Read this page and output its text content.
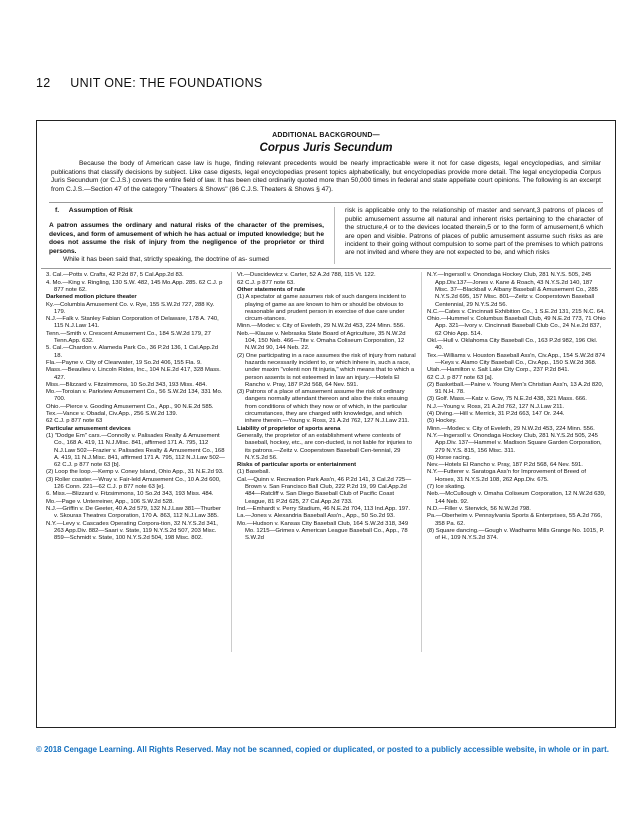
12 UNIT ONE: THE FOUNDATIONS
ADDITIONAL BACKGROUND—
Corpus Juris Secundum

Because the body of American case law is huge, finding relevant precedents would be nearly impracticable were it not for case digests, legal encyclopedias, and similar publications that classify decisions by subject. Like case digests, legal encyclopedias present topics alphabetically, but encyclopedias provide more detail. The legal encyclopedia Corpus Juris Secundum (or C.J.S.) covers the entire field of law. It has been cited ordinarily quoted more than 50,000 times in federal and state appellate court opinions. The following is an excerpt from C.J.S.—Section 47 of the category "Theaters & Shows" (86 C.J.S. Theaters & Shows § 47).

f. Assumption of Risk

A patron assumes the ordinary and natural risks of the character of the premises, devices, and form of amusement of which he has actual or imputed knowledge; but he does not assume the risk of injury from the negligence of the proprietor or third persons.

While it has been said that, strictly speaking, the doctrine of as- sumed

risk is applicable only to the relationship of master and servant,3 patrons of places of public amusement assume all natural and inherent risks pertaining to the character of the structure,4 or to the devices located therein,5 or to the form of amusement,6 which are open and visible. Patrons of places of public amusement assume such risks as are incident to their going without compulsion to some part of the premises to which patrons are not invited and where they are not expected to be, and which risks

3. Cal.—Potts v. Crafts, 42 P.2d 87, 5 Cal.App.2d 83.

4. Mo.—King v. Ringling, 130 S.W. 482, 145 Mo.App. 285. 62 C.J. p 877 note 62.

Darkened motion picture theater

Ky.—Columbia Amusement Co. v. Rye, 155 S.W.2d 727, 288 Ky. 179.

N.J.—Falk v. Stanley Fabian Corporation of Delaware, 178 A. 740, 115 N.J.Law 141.

Tenn.—Smith v. Crescent Amusement Co., 184 S.W.2d 179, 27 Tenn.App. 632.

5. Cal.—Chardon v. Alameda Park Co., 36 P.2d 136, 1 Cal.App.2d 18.

Fla.—Payne v. City of Clearwater, 19 So.2d 406, 155 Fla. 9.

Mass.—Beaulieu v. Lincoln Rides, Inc., 104 N.E.2d 417, 328 Mass. 427.

Miss.—Blizzard v. Fitzsimmons, 10 So.2d 343, 193 Miss. 484.

Mo.—Toroian v. Parkview Amusement Co., 56 S.W.2d 134, 331 Mo. 700.

Ohio.—Pierce v. Gooding Amusement Co., App., 90 N.E.2d 585.

Tex.—Vance v. Obadal, Civ.App., 256 S.W.2d 139.

62 C.J. p 877 note 63

Particular amusement devices

(1) "Dodge Em" cars.—Connolly v. Palisades Realty & Amusement Co., 168 A. 419, 11 N.J.Misc. 841, affirmed 171 A. 795, 112 N.J.Law 502—Frazier v. Palisades Realty & Amusement Co., 168 A. 419, 11 N.J.Misc. 841, affirmed 171 A. 795, 112 N.J.Law 502—62 C.J. p 877 note 63 [b].

(2) Loop the loop.—Kemp v. Coney Island, Ohio App., 31 N.E.2d 93.

(3) Roller coaster.—Wray v. Fair-leld Amusement Co., 10 A.2d 600, 126 Conn. 221—62 C.J. p 877 note 63 [e].

6. Miss.—Blizzard v. Fitzsimmons, 10 So.2d 343, 193 Miss. 484.

Mo.—Page v. Unterreiner, App., 106 S.W.2d 528.

N.J.—Griffin v. De Geeter, 40 A.2d 579, 132 N.J.Law 381—Thurber v. Skouras Theatres Corporation, 170 A. 863, 112 N.J.Law 385.

N.Y.—Levy v. Cascades Operating Corpora-tion, 32 N.Y.S.2d 341, 263 App.Div. 882—Saari v. State, 119 N.Y.S.2d 507, 203 Misc. 859—Schmidt v. State, 100 N.Y.S.2d 504, 198 Misc. 802.

Vt.—Duscidewicz v. Carter, 52 A.2d 788, 115 Vt. 122.

62 C.J. p 877 note 63.

Other statements of rule

(1) A spectator at game assumes risk of such dangers incident to playing of game as are known to him or should be obvious to reasonable and prudent person in exercise of due care under circum-stances.

Minn.—Modec v. City of Eveleth, 29 N.W.2d 453, 224 Minn. 556.

Neb.—Klause v. Nebraska State Board of Agriculture, 35 N.W.2d 104, 150 Neb. 466—Tite v. Omaha Coliseum Corporation, 12 N.W.2d 90, 144 Neb. 22.

(2) One participating in a race assumes the risk of injury from natural hazards necessarily incident to, or which inhere in, such a race, under maxim "volenti non fit injuria," which means that to which a person assents is not esteemed in law an injury.—Hotels El Rancho v. Pray, 187 P.2d 568, 64 Nev. 591.

(3) Patrons of a place of amusement assume the risk of ordinary dangers normally attendant thereon and also the risks ensuing from conditions of which they now or of which, in the particular circumstances, they are charged with knowledge, and which inhere therein.—Young v. Ross, 21 A.2d 762, 127 N.J.Law 211.

Liability of proprietor of sports arena

Generally, the proprietor of an establishment where contests of baseball, hockey, etc., are con-ducted, is not liable for injuries to its patrons.—Zeitz v. Cooperstown Baseball Cen-tennial, 29 N.Y.S.2d 56.

Risks of particular sports or entertainment

(1) Baseball.

Cal.—Quinn v. Recreation Park Ass'n, 46 P.2d 141, 3 Cal.2d 725—Brown v. San Francisco Ball Club, 222 P.2d 19, 99 Cal.App.2d 484—Ratcliff v. San Diego Baseball Club of Pacific Coast League, 81 P.2d 625, 27 Cal.App.2d 733.

Ind.—Emhardt v. Perry Stadium, 46 N.E.2d 704, 113 Ind.App. 197.

La.—Jones v. Alexandria Baseball Ass'n., App., 50 So.2d 93.

Mo.—Hudson v. Kansas City Baseball Club, 164 S.W.2d 318, 349 Mo. 1215—Grimes v. American League Baseball Co., App., 78 S.W.2d

N.Y.—Ingersoll v. Onondaga Hockey Club, 281 N.Y.S. 505, 245 App.Div.137—Jones v. Kane & Roach, 43 N.Y.S.2d 140, 187 Misc. 37—Blackball v. Albany Baseball & Amusement Co., 285 N.Y.S.2d 695, 157 Misc. 801—Zeitz v. Cooperstown Baseball Centennial, 29 N.Y.S.2d 56.

N.C.—Cates v. Cincinnati Exhibition Co., 1 S.E.2d 131, 215 N.C. 64.

Ohio.—Hummel v. Columbus Baseball Club, 49 N.E.2d 773, 71 Ohio App. 321—Ivory v. Cincinnati Baseball Club Co., 24 N.e.2d 837, 62 Ohio App. 514.

Okl.—Hull v. Oklahoma City Baseball Co., 163 P.2d 982, 196 Okl. 40.

Tex.—Williams v. Houston Baseball Ass'n, Civ.App., 154 S.W.2d 874—Keys v. Alamo City Baseball Co., Civ.App., 150 S.W.2d 368.

Utah.—Hamilton v. Salt Lake City Corp., 237 P.2d 841.

62 C.J. p 877 note 63 [a].

(2) Basketball.—Paine v. Young Men's Christian Ass'n, 13 A.2d 820, 91 N.H. 78.

(3) Golf. Mass.—Katz v. Gow, 75 N.E.2d 438, 321 Mass. 666.

N.J.—Young v. Ross, 21 A.2d 762, 127 N.J.Law 211.

(4) Diving.—Hill v. Merrick, 31 P.2d 663, 147 Or. 244.

(5) Hockey.

Minn.—Modec v. City of Eveleth, 29 N.W.2d 453, 224 Minn. 556.

N.Y.—Ingersoll v. Onondaga Hockey Club, 281 N.Y.S.2d 505, 245 App.Div. 137—Hammel v. Madison Square Garden Corporation, 279 N.Y.S. 815, 156 Misc. 311.

(6) Horse racing.

Nev.—Hotels El Rancho v. Pray, 187 P.2d 568, 64 Nev. 591.

N.Y.—Futterer v. Saratoga Ass'n for Improvement of Breed of Horses, 31 N.Y.S.2d 108, 262 App.Div. 675.

(7) Ice skating.

Neb.—McCullough v. Omaha Coliseum Corporation, 12 N.W.2d 639, 144 Neb. 92.

N.D.—Filler v. Stenvick, 56 N.W.2d 798.

Pa.—Oberheim v. Pennsylvania Sports & Enterprises, 55 A.2d 766, 358 Pa. 62.

(8) Square dancing.—Gough v. Wadhams Mills Grange No. 1015, P. of H., 109 N.Y.S.2d 374.

© 2018 Cengage Learning. All Rights Reserved. May not be scanned, copied or duplicated, or posted to a publicly accessible website, in whole or in part.
